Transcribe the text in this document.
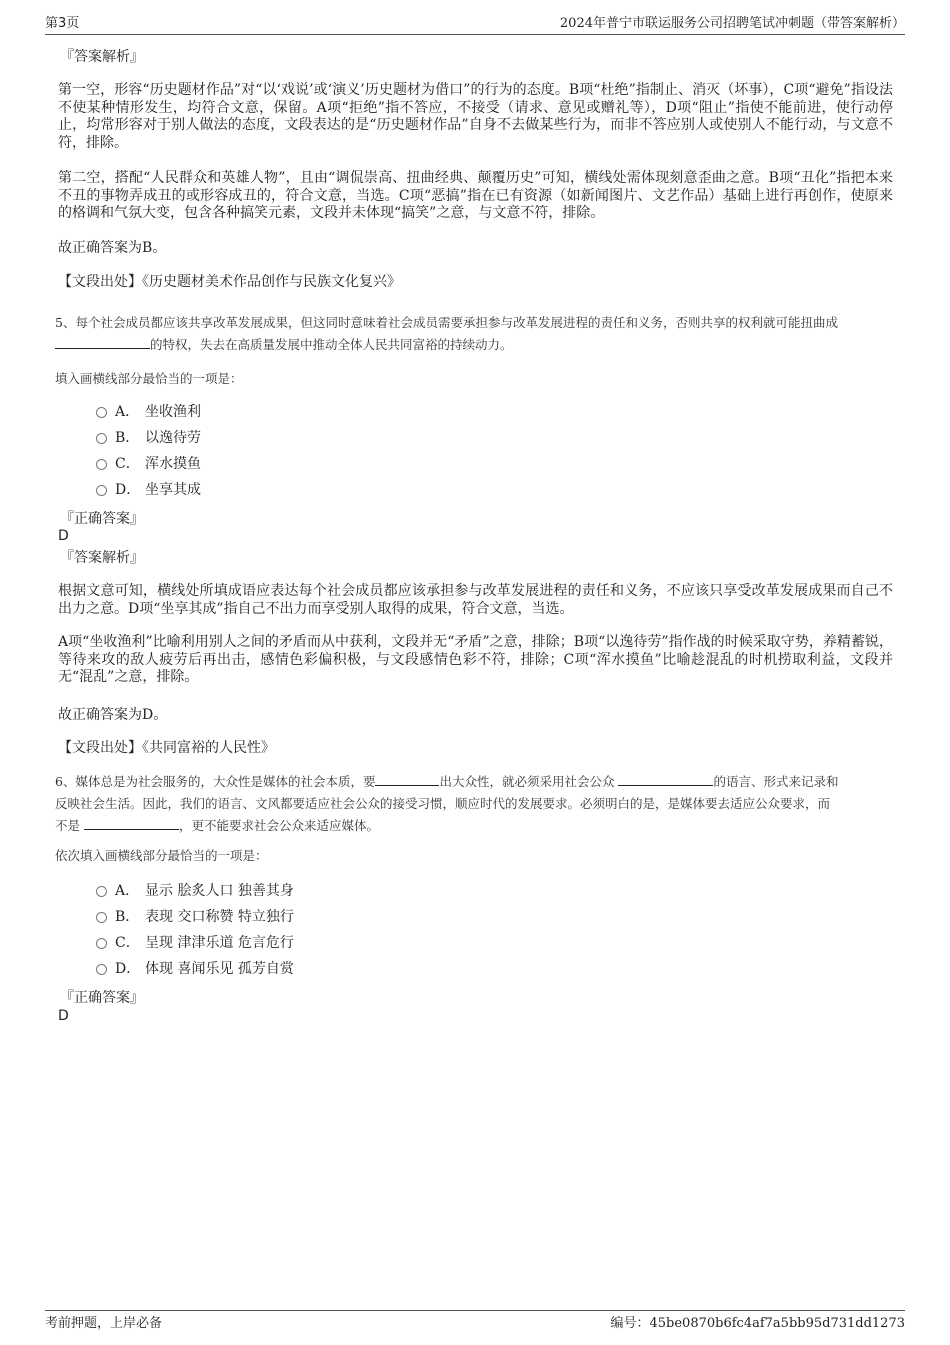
第3页	2024年普宁市联运服务公司招聘笔试冲刺题（带答案解析）

『答案解析』

第一空，形容“历史题材作品”对“以‘戏说’或‘演义’历史题材为借口”的行为的态度。B项“杜绝”指制止、消灭（坏事），C项“避免”指设法不使某种情形发生，均符合文意，保留。A项“拒绝”指不答应，不接受（请求、意见或赠礼等），D项“阻止”指使不能前进，使行动停止，均常形容对于别人做法的态度，文段表达的是“历史题材作品”自身不去做某些行为，而非不答应别人或使别人不能行动，与文意不符，排除。

第二空，搭配“人民群众和英雄人物”，且由“调侃崇高、扭曲经典、颠覆历史”可知，横线处需体现刻意歪曲之意。B项“丑化”指把本来不丑的事物弄成丑的或形容成丑的，符合文意，当选。C项“恶搞”指在已有资源（如新闻图片、文艺作品）基础上进行再创作，使原来的格调和气氛大变，包含各种搞笑元素，文段并未体现“搞笑”之意，与文意不符，排除。

故正确答案为B。

【文段出处】《历史题材美术作品创作与民族文化复兴》

5、每个社会成员都应该共享改革发展成果，但这同时意味着社会成员需要承担参与改革发展进程的责任和义务，否则共享的权利就可能扭曲成
的特权，失去在高质量发展中推动全体人民共同富裕的持续动力。

填入画横线部分最恰当的一项是：

A． 坐收渔利
B． 以逸待劳
C． 浑水摸鱼
D． 坐享其成

『正确答案』

D

『答案解析』

根据文意可知，横线处所填成语应表达每个社会成员都应该承担参与改革发展进程的责任和义务，不应该只享受改革发展成果而自己不出力之意。D项“坐享其成”指自己不出力而享受别人取得的成果，符合文意，当选。

A项“坐收渔利”比喻利用别人之间的矛盾而从中获利，文段并无“矛盾”之意，排除；B项“以逸待劳”指作战的时候采取守势，养精蓄锐，等待来攻的敌人疲劳后再出击，感情色彩偏积极，与文段感情色彩不符，排除；C项“浑水摸鱼”比喻趁混乱的时机捞取利益，文段并无“混乱”之意，排除。

故正确答案为D。

【文段出处】《共同富裕的人民性》

6、媒体总是为社会服务的，大众性是媒体的社会本质，要	出大众性，就必须采用社会公众	的语言、形式来记录和
反映社会生活。因此，我们的语言、文风都要适应社会公众的接受习惯，顺应时代的发展要求。必须明白的是，是媒体要去适应公众要求，而
不是	，更不能要求社会公众来适应媒体。

依次填入画横线部分最恰当的一项是：

A． 显示 脍炙人口 独善其身
B． 表现 交口称赞 特立独行
C． 呈现 津津乐道 危言危行
D． 体现 喜闻乐见 孤芳自赏

『正确答案』

D

考前押题，上岸必备	编号：45be0870b6fc4af7a5bb95d731dd1273
